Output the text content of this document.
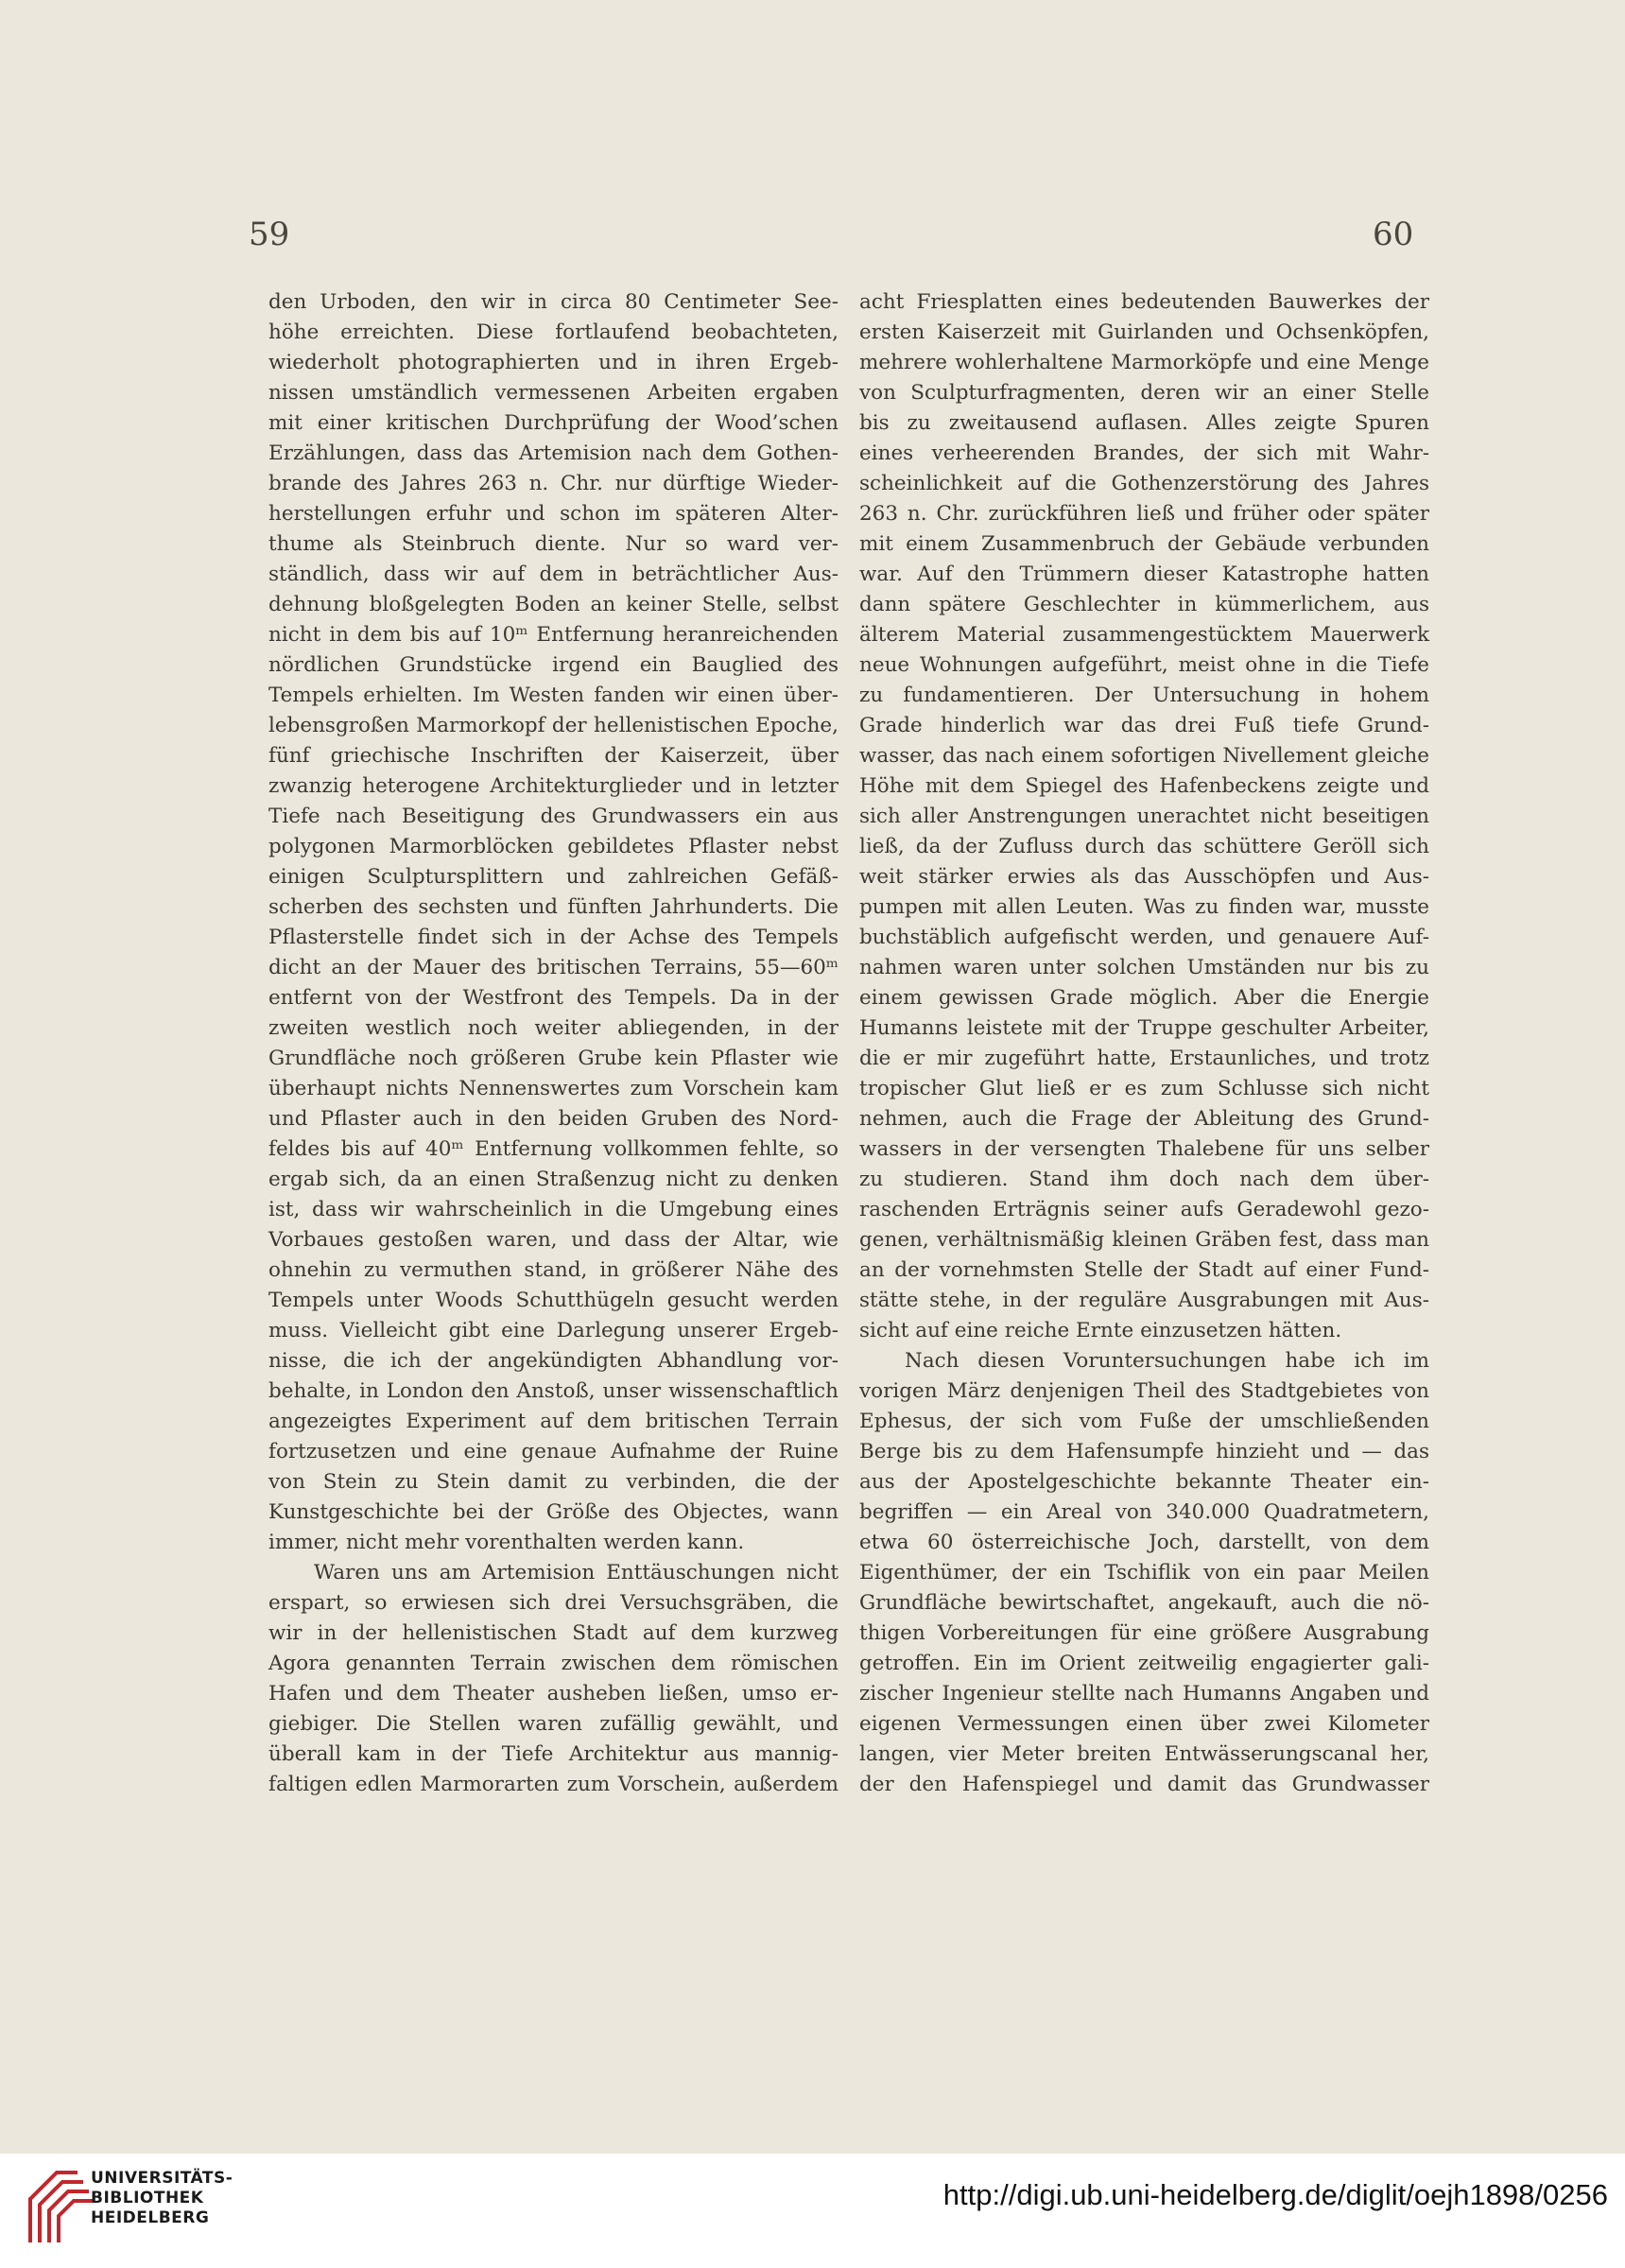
59	60
den Urboden, den wir in circa 80 Centimeter See-
höhe erreichten. Diese fortlaufend beobachteten,
wiederholt photographierten und in ihren Ergeb-
nissen umständlich vermessenen Arbeiten ergaben
mit einer kritischen Durchprüfung der Wood’schen
Erzählungen, dass das Artemision nach dem Gothen-
brande des Jahres 263 n. Chr. nur dürftige Wieder-
herstellungen erfuhr und schon im späteren Alter-
thume als Steinbruch diente. Nur so ward ver-
ständlich, dass wir auf dem in beträchtlicher Aus-
dehnung bloßgelegten Boden an keiner Stelle, selbst
nicht in dem bis auf 10ᵐ Entfernung heranreichenden
nördlichen Grundstücke irgend ein Bauglied des
Tempels erhielten. Im Westen fanden wir einen über-
lebensgroßen Marmorkopf der hellenistischen Epoche,
fünf griechische Inschriften der Kaiserzeit, über
zwanzig heterogene Architekturglieder und in letzter
Tiefe nach Beseitigung des Grundwassers ein aus
polygonen Marmorblöcken gebildetes Pflaster nebst
einigen Sculptursplittern und zahlreichen Gefäß-
scherben des sechsten und fünften Jahrhunderts. Die
Pflasterstelle findet sich in der Achse des Tempels
dicht an der Mauer des britischen Terrains, 55—60ᵐ
entfernt von der Westfront des Tempels. Da in der
zweiten westlich noch weiter abliegenden, in der
Grundfläche noch größeren Grube kein Pflaster wie
überhaupt nichts Nennenswertes zum Vorschein kam
und Pflaster auch in den beiden Gruben des Nord-
feldes bis auf 40ᵐ Entfernung vollkommen fehlte, so
ergab sich, da an einen Straßenzug nicht zu denken
ist, dass wir wahrscheinlich in die Umgebung eines
Vorbaues gestoßen waren, und dass der Altar, wie
ohnehin zu vermuthen stand, in größerer Nähe des
Tempels unter Woods Schutthügeln gesucht werden
muss. Vielleicht gibt eine Darlegung unserer Ergeb-
nisse, die ich der angekündigten Abhandlung vor-
behalte, in London den Anstoß, unser wissenschaftlich
angezeigtes Experiment auf dem britischen Terrain
fortzusetzen und eine genaue Aufnahme der Ruine
von Stein zu Stein damit zu verbinden, die der
Kunstgeschichte bei der Größe des Objectes, wann
immer, nicht mehr vorenthalten werden kann.
Waren uns am Artemision Enttäuschungen nicht
erspart, so erwiesen sich drei Versuchsgräben, die
wir in der hellenistischen Stadt auf dem kurzweg
Agora genannten Terrain zwischen dem römischen
Hafen und dem Theater ausheben ließen, umso er-
giebiger. Die Stellen waren zufällig gewählt, und
überall kam in der Tiefe Architektur aus mannig-
faltigen edlen Marmorarten zum Vorschein, außerdem
acht Friesplatten eines bedeutenden Bauwerkes der
ersten Kaiserzeit mit Guirlanden und Ochsenköpfen,
mehrere wohlerhaltene Marmorköpfe und eine Menge
von Sculpturfragmenten, deren wir an einer Stelle
bis zu zweitausend auflasen. Alles zeigte Spuren
eines verheerenden Brandes, der sich mit Wahr-
scheinlichkeit auf die Gothenzerstörung des Jahres
263 n. Chr. zurückführen ließ und früher oder später
mit einem Zusammenbruch der Gebäude verbunden
war. Auf den Trümmern dieser Katastrophe hatten
dann spätere Geschlechter in kümmerlichem, aus
älterem Material zusammengestücktem Mauerwerk
neue Wohnungen aufgeführt, meist ohne in die Tiefe
zu fundamentieren. Der Untersuchung in hohem
Grade hinderlich war das drei Fuß tiefe Grund-
wasser, das nach einem sofortigen Nivellement gleiche
Höhe mit dem Spiegel des Hafenbeckens zeigte und
sich aller Anstrengungen unerachtet nicht beseitigen
ließ, da der Zufluss durch das schüttere Geröll sich
weit stärker erwies als das Ausschöpfen und Aus-
pumpen mit allen Leuten. Was zu finden war, musste
buchstäblich aufgefischt werden, und genauere Auf-
nahmen waren unter solchen Umständen nur bis zu
einem gewissen Grade möglich. Aber die Energie
Humanns leistete mit der Truppe geschulter Arbeiter,
die er mir zugeführt hatte, Erstaunliches, und trotz
tropischer Glut ließ er es zum Schlusse sich nicht
nehmen, auch die Frage der Ableitung des Grund-
wassers in der versengten Thalebene für uns selber
zu studieren. Stand ihm doch nach dem über-
raschenden Erträgnis seiner aufs Geradewohl gezo-
genen, verhältnismäßig kleinen Gräben fest, dass man
an der vornehmsten Stelle der Stadt auf einer Fund-
stätte stehe, in der reguläre Ausgrabungen mit Aus-
sicht auf eine reiche Ernte einzusetzen hätten.
Nach diesen Voruntersuchungen habe ich im
vorigen März denjenigen Theil des Stadtgebietes von
Ephesus, der sich vom Fuße der umschließenden
Berge bis zu dem Hafensumpfe hinzieht und — das
aus der Apostelgeschichte bekannte Theater ein-
begriffen — ein Areal von 340.000 Quadratmetern,
etwa 60 österreichische Joch, darstellt, von dem
Eigenthümer, der ein Tschiflik von ein paar Meilen
Grundfläche bewirtschaftet, angekauft, auch die nö-
thigen Vorbereitungen für eine größere Ausgrabung
getroffen. Ein im Orient zeitweilig engagierter gali-
zischer Ingenieur stellte nach Humanns Angaben und
eigenen Vermessungen einen über zwei Kilometer
langen, vier Meter breiten Entwässerungscanal her,
der den Hafenspiegel und damit das Grundwasser
UNIVERSITÄTS-
BIBLIOTHEK
HEIDELBERG
http://digi.ub.uni-heidelberg.de/diglit/oejh1898/0256
